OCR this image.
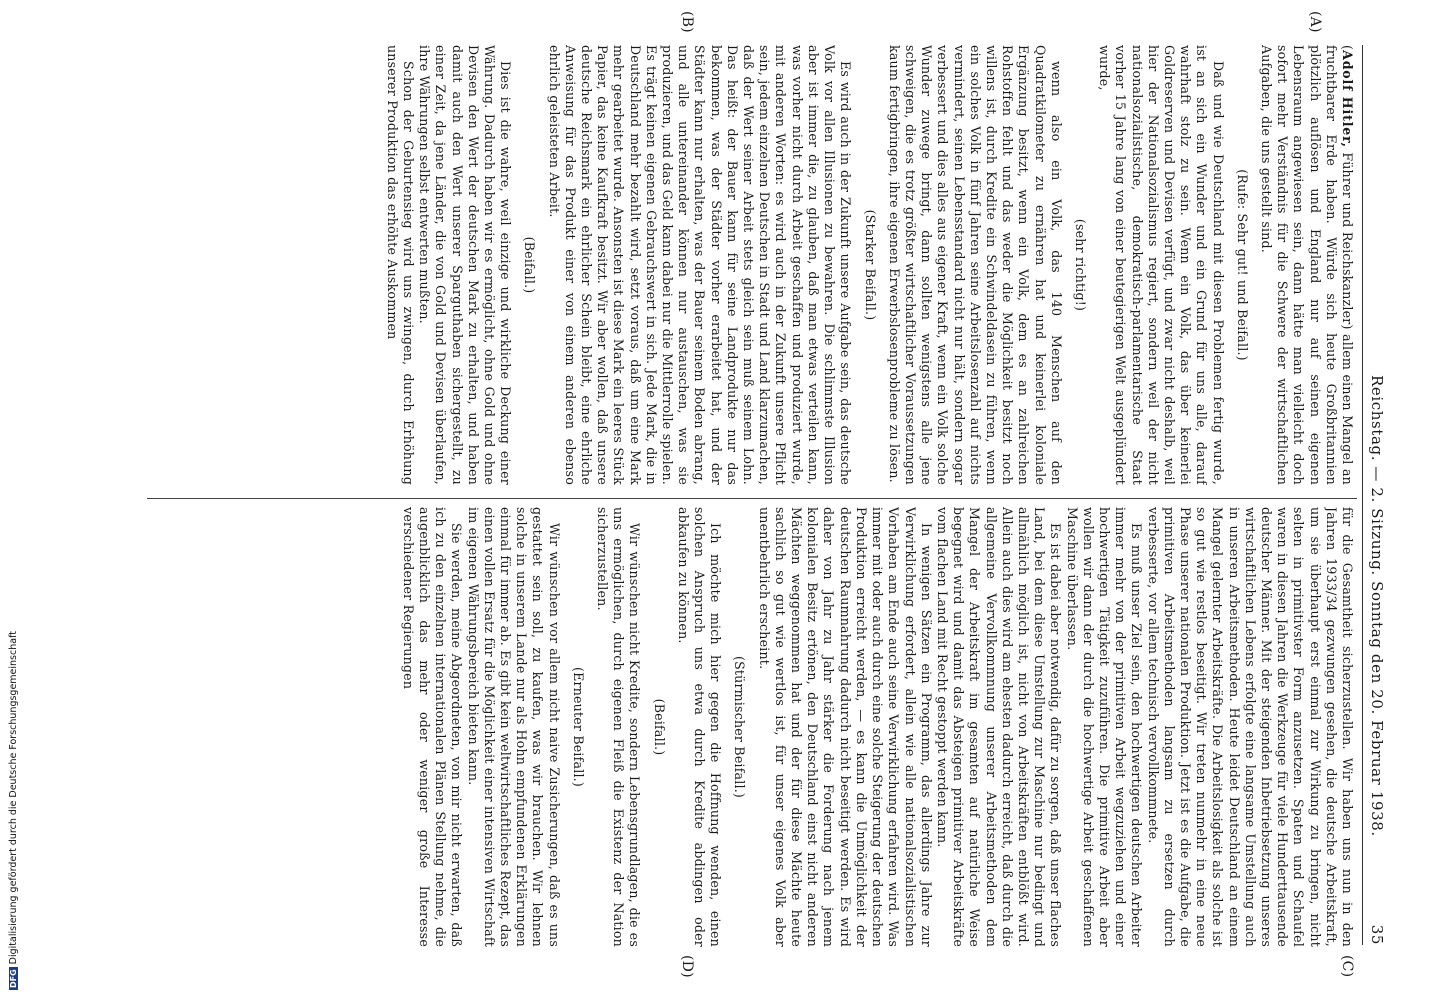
Reichstag. — 2. Sitzung. Sonntag den 20. Februar 1938.
35
(A)
(B)
(C)
(D)

(Adolf Hitler, Führer und Reichskanzler) allem einen Mangel an fruchtbarer Erde haben. Würde sich heute Großbritannien plötzlich auflösen und England nur auf seinen eigenen Lebensraum angewiesen sein, dann hätte man vielleicht doch sofort mehr Verständnis für die Schwere der wirtschaftlichen Aufgaben, die uns gestellt sind.

(Rufe: Sehr gut! und Beifall.)

Daß und wie Deutschland mit diesen Problemen fertig wurde, ist an sich ein Wunder und ein Grund für uns alle, darauf wahrhaft stolz zu sein. Wenn ein Volk, das über keinerlei Goldreserven und Devisen verfügt, und zwar nicht deshalb, weil hier der Nationalsozialismus regiert, sondern weil der nicht nationalsozialistische, demokratisch-parlamentarische Staat vorher 15 Jahre lang von einer beutegierigen Welt ausgeplündert wurde,

(sehr richtig!)

wenn also ein Volk, das 140 Menschen auf den Quadratkilometer zu ernähren hat und keinerlei koloniale Ergänzung besitzt, wenn ein Volk, dem es an zahlreichen Rohstoffen fehlt und das weder die Möglichkeit besitzt noch willens ist, durch Kredite ein Schwindeldasein zu führen, wenn ein solches Volk in fünf Jahren seine Arbeitslosenzahl auf nichts vermindert, seinen Lebensstandard nicht nur hält, sondern sogar verbessert und dies alles aus eigener Kraft, wenn ein Volk solche Wunder zuwege bringt, dann sollten wenigstens alle jene schweigen, die es trotz größter wirtschaftlicher Voraussetzungen kaum fertigbringen, ihre eigenen Erwerbslosenprobleme zu lösen.

(Starker Beifall.)

Es wird auch in der Zukunft unsere Aufgabe sein, das deutsche Volk vor allen Illusionen zu bewahren. Die schlimmste Illusion aber ist immer die, zu glauben, daß man etwas verteilen kann, was vorher nicht durch Arbeit geschaffen und produziert wurde, mit anderen Worten: es wird auch in der Zukunft unsere Pflicht sein, jedem einzelnen Deutschen in Stadt und Land klarzumachen, daß der Wert seiner Arbeit stets gleich sein muß seinem Lohn. Das heißt: der Bauer kann für seine Landprodukte nur das bekommen, was der Städter vorher erarbeitet hat, und der Städter kann nur erhalten, was der Bauer seinem Boden abrang, und alle untereinander können nur austauschen, was sie produzieren, und das Geld kann dabei nur die Mittlerrolle spielen. Es trägt keinen eigenen Gebrauchswert in sich. Jede Mark, die in Deutschland mehr bezahlt wird, setzt voraus, daß um eine Mark mehr gearbeitet wurde. Ansonsten ist diese Mark ein leeres Stück Papier, das keine Kaufkraft besitzt. Wir aber wollen, daß unsere deutsche Reichsmark ein ehrlicher Schein bleibt, eine ehrliche Anweisung für das Produkt einer von einem anderen ebenso ehrlich geleisteten Arbeit.

(Beifall.)

Dies ist die wahre, weil einzige und wirkliche Deckung einer Währung. Dadurch haben wir es ermöglicht, ohne Gold und ohne Devisen den Wert der deutschen Mark zu erhalten, und haben damit auch den Wert unserer Sparguthaben sichergestellt, zu einer Zeit, da jene Länder, die von Gold und Devisen überlaufen, ihre Währungen selbst entwerten mußten.

Schon der Geburtensieg wird uns zwingen, durch Erhöhung unserer Produktion das erhöhte Auskommen

für die Gesamtheit sicherzustellen. Wir haben uns nun in den Jahren 1933/34 gezwungen gesehen, die deutsche Arbeitskraft, um sie überhaupt erst einmal zur Wirkung zu bringen, nicht selten in primitivster Form anzusetzen. Spaten und Schaufel waren in diesen Jahren die Werkzeuge für viele Hunderttausende deutscher Männer. Mit der steigenden Inbetriebsetzung unseres wirtschaftlichen Lebens erfolgte eine langsame Umstellung auch in unseren Arbeitsmethoden. Heute leidet Deutschland an einem Mangel gelernter Arbeitskräfte. Die Arbeitslosigkeit als solche ist so gut wie restlos beseitigt. Wir treten nunmehr in eine neue Phase unserer nationalen Produktion. Jetzt ist es die Aufgabe, die primitiven Arbeitsmethoden langsam zu ersetzen durch verbesserte, vor allem technisch vervollkommnete.

Es muß unser Ziel sein, den hochwertigen deutschen Arbeiter immer mehr von der primitiven Arbeit wegzuziehen und einer hochwertigen Tätigkeit zuzuführen. Die primitive Arbeit aber wollen wir dann der durch die hochwertige Arbeit geschaffenen Maschine überlassen.

Es ist dabei aber notwendig, dafür zu sorgen, daß unser flaches Land, bei dem diese Umstellung zur Maschine nur bedingt und allmählich möglich ist, nicht von Arbeitskräften entblößt wird. Allein auch dies wird am ehesten dadurch erreicht, daß durch die allgemeine Vervollkommnung unserer Arbeitsmethoden dem Mangel der Arbeitskraft im gesamten auf natürliche Weise begegnet wird und damit das Absteigen primitiver Arbeitskräfte vom flachen Land mit Recht gestoppt werden kann.

In wenigen Sätzen ein Programm, das allerdings Jahre zur Verwirklichung erfordert, allein wie alle nationalsozialistischen Vorhaben am Ende auch seine Verwirklichung erfahren wird. Was immer mit oder auch durch eine solche Steigerung der deutschen Produktion erreicht werden, — es kann die Unmöglichkeit der deutschen Raumnahrung dadurch nicht beseitigt werden. Es wird daher von Jahr zu Jahr stärker die Forderung nach jenem kolonialen Besitz ertönen, den Deutschland einst nicht anderen Mächten weggenommen hat und der für diese Mächte heute sachlich so gut wie wertlos ist, für unser eigenes Volk aber unentbehrlich erscheint.

(Stürmischer Beifall.)

Ich möchte mich hier gegen die Hoffnung wenden, einen solchen Anspruch uns etwa durch Kredite abdingen oder abkaufen zu können.

(Beifall.)

Wir wünschen nicht Kredite, sondern Lebensgrundlagen, die es uns ermöglichen, durch eigenen Fleiß die Existenz der Nation sicherzustellen.

(Erneuter Beifall.)

Wir wünschen vor allem nicht naive Zusicherungen, daß es uns gestattet sein soll, zu kaufen, was wir brauchen. Wir lehnen solche in unserem Lande nur als Hohn empfundenen Erklärungen einmal für immer ab. Es gibt kein weltwirtschaftliches Rezept, das einen vollen Ersatz für die Möglichkeit einer intensiven Wirtschaft im eigenen Währungsbereich bieten kann.

Sie werden, meine Abgeordneten, von mir nicht erwarten, daß ich zu den einzelnen internationalen Plänen Stellung nehme, die augenblicklich das mehr oder weniger große Interesse verschiedener Regierungen

DFGDigitalisierung gefördert durch die Deutsche Forschungsgemeinschaft
